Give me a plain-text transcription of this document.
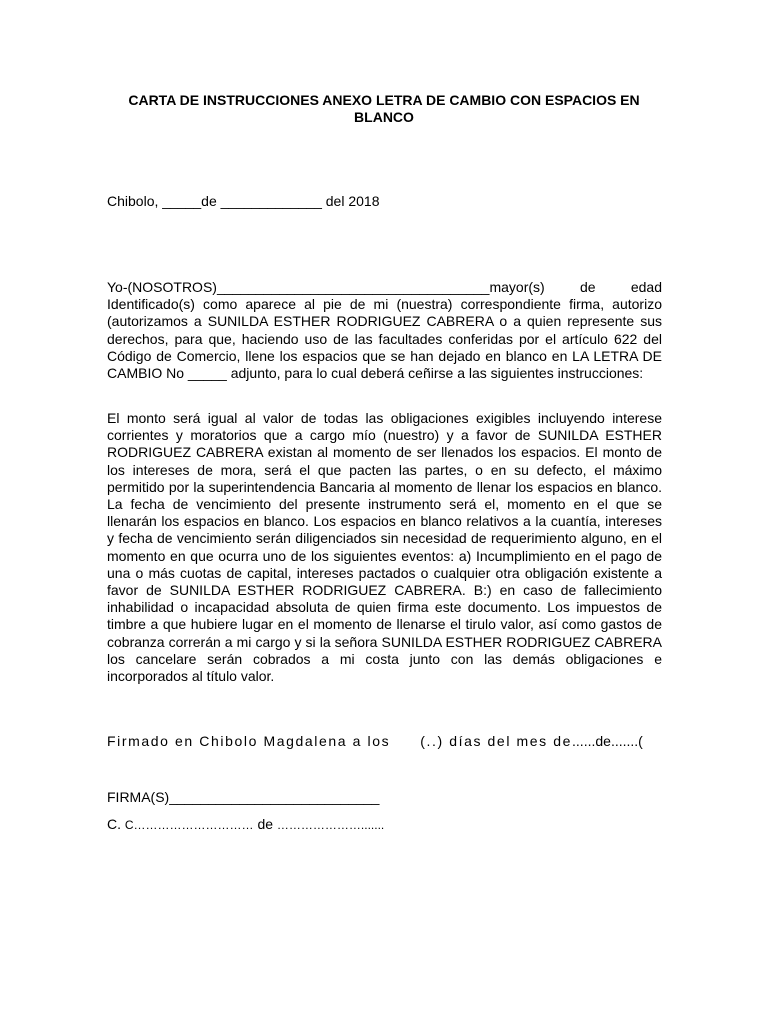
CARTA DE INSTRUCCIONES ANEXO LETRA DE CAMBIO CON ESPACIOS EN BLANCO

Chibolo, _____de _____________ del 2018

Yo-(NOSOTROS)___________________________________mayor(s) de edad Identificado(s) como aparece al pie de mi (nuestra) correspondiente firma, autorizo (autorizamos a SUNILDA ESTHER RODRIGUEZ CABRERA o a quien represente sus derechos, para que, haciendo uso de las facultades conferidas por el artículo 622 del Código de Comercio, llene los espacios que se han dejado en blanco en LA LETRA DE CAMBIO No _____ adjunto, para lo cual deberá ceñirse a las siguientes instrucciones:

El monto será igual al valor de todas las obligaciones exigibles incluyendo interese corrientes y moratorios que a cargo mío (nuestro) y a favor de SUNILDA ESTHER RODRIGUEZ CABRERA existan al momento de ser llenados los espacios. El monto de los intereses de mora, será el que pacten las partes, o en su defecto, el máximo permitido por la superintendencia Bancaria al momento de llenar los espacios en blanco. La fecha de vencimiento del presente instrumento será el, momento en el que se llenarán los espacios en blanco. Los espacios en blanco relativos a la cuantía, intereses y fecha de vencimiento serán diligenciados sin necesidad de requerimiento alguno, en el momento en que ocurra uno de los siguientes eventos: a) Incumplimiento en el pago de una o más cuotas de capital, intereses pactados o cualquier otra obligación existente a favor de SUNILDA ESTHER RODRIGUEZ CABRERA. B:) en caso de fallecimiento inhabilidad o incapacidad absoluta de quien firma este documento. Los impuestos de timbre a que hubiere lugar en el momento de llenarse el tirulo valor, así como gastos de cobranza correrán a mi cargo y si la señora SUNILDA ESTHER RODRIGUEZ CABRERA los cancelare serán cobrados a mi costa junto con las demás obligaciones e incorporados al título valor.

Firmado en Chibolo Magdalena a los (..) días del mes de......de.......(

FIRMA(S)___________________________

C. C………………………… de ………………….......
